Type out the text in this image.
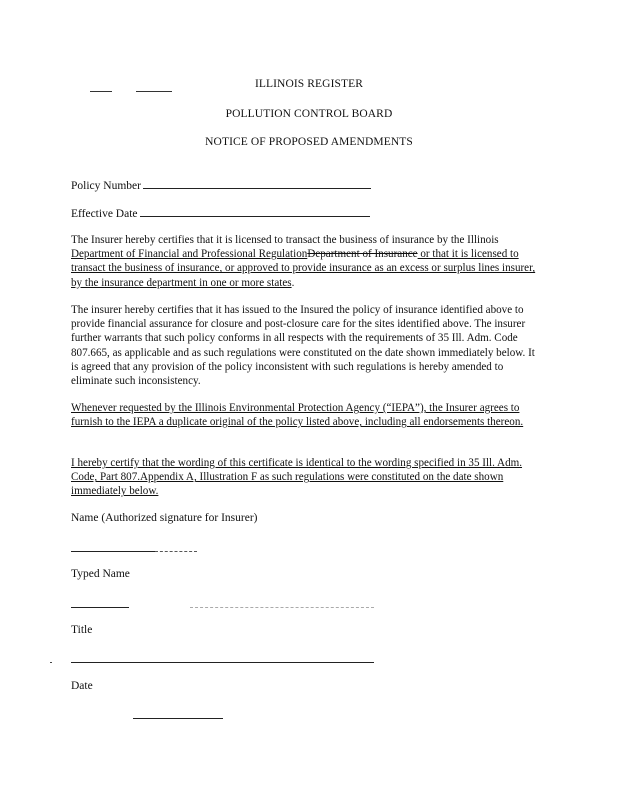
ILLINOIS REGISTER
POLLUTION CONTROL BOARD
NOTICE OF PROPOSED AMENDMENTS
Policy Number
Effective Date
The Insurer hereby certifies that it is licensed to transact the business of insurance by the Illinois Department of Financial and Professional RegulationDepartment of Insurance or that it is licensed to transact the business of insurance, or approved to provide insurance as an excess or surplus lines insurer, by the insurance department in one or more states.
The insurer hereby certifies that it has issued to the Insured the policy of insurance identified above to provide financial assurance for closure and post-closure care for the sites identified above. The insurer further warrants that such policy conforms in all respects with the requirements of 35 Ill. Adm. Code 807.665, as applicable and as such regulations were constituted on the date shown immediately below. It is agreed that any provision of the policy inconsistent with such regulations is hereby amended to eliminate such inconsistency.
Whenever requested by the Illinois Environmental Protection Agency (“IEPA”), the Insurer agrees to furnish to the IEPA a duplicate original of the policy listed above, including all endorsements thereon.
I hereby certify that the wording of this certificate is identical to the wording specified in 35 Ill. Adm. Code, Part 807.Appendix A, Illustration F as such regulations were constituted on the date shown immediately below.
Name (Authorized signature for Insurer)
Typed Name
Title
Date
